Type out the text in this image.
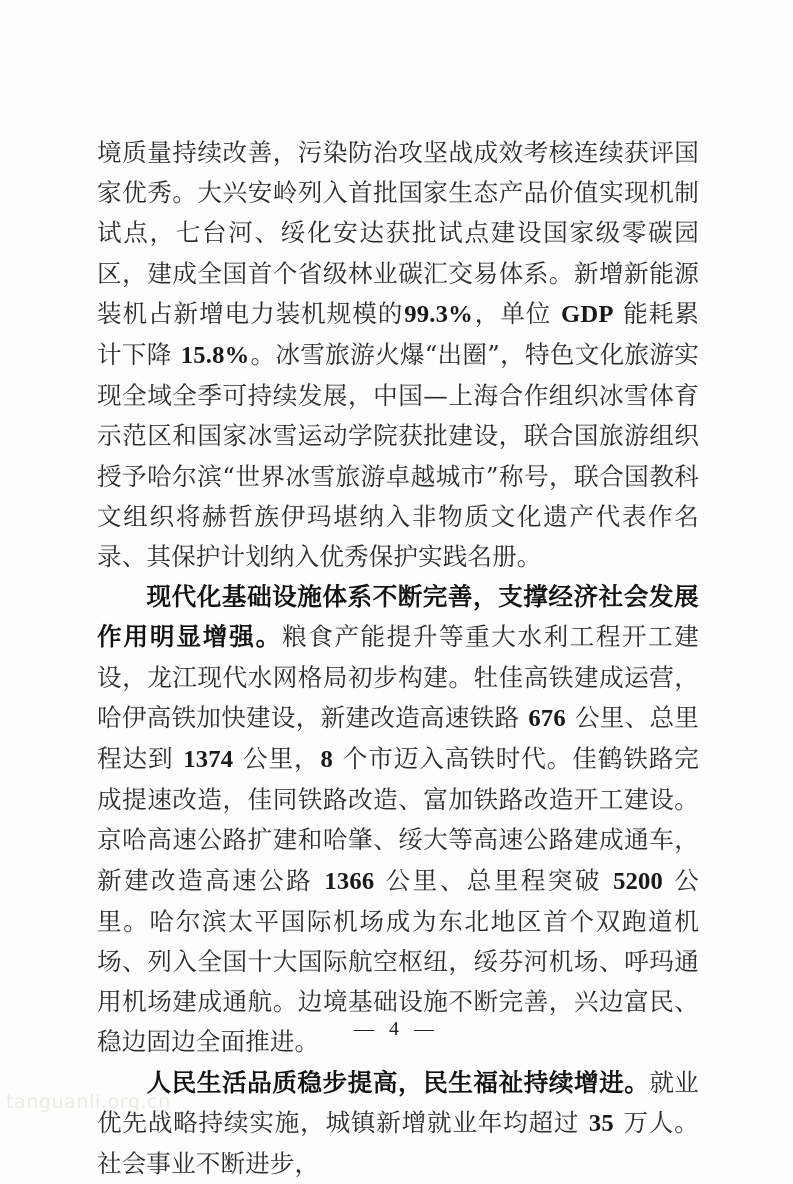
境质量持续改善，污染防治攻坚战成效考核连续获评国家优秀。大兴安岭列入首批国家生态产品价值实现机制试点，七台河、绥化安达获批试点建设国家级零碳园区，建成全国首个省级林业碳汇交易体系。新增新能源装机占新增电力装机规模的99.3%，单位 GDP 能耗累计下降 15.8%。冰雪旅游火爆“出圈”，特色文化旅游实现全域全季可持续发展，中国—上海合作组织冰雪体育示范区和国家冰雪运动学院获批建设，联合国旅游组织授予哈尔滨“世界冰雪旅游卓越城市”称号，联合国教科文组织将赫哲族伊玛堪纳入非物质文化遗产代表作名录、其保护计划纳入优秀保护实践名册。

现代化基础设施体系不断完善，支撑经济社会发展作用明显增强。粮食产能提升等重大水利工程开工建设，龙江现代水网格局初步构建。牡佳高铁建成运营，哈伊高铁加快建设，新建改造高速铁路 676 公里、总里程达到 1374 公里，8 个市迈入高铁时代。佳鹤铁路完成提速改造，佳同铁路改造、富加铁路改造开工建设。京哈高速公路扩建和哈肇、绥大等高速公路建成通车，新建改造高速公路 1366 公里、总里程突破 5200 公里。哈尔滨太平国际机场成为东北地区首个双跑道机场、列入全国十大国际航空枢纽，绥芬河机场、呼玛通用机场建成通航。边境基础设施不断完善，兴边富民、稳边固边全面推进。

人民生活品质稳步提高，民生福祉持续增进。就业优先战略持续实施，城镇新增就业年均超过 35 万人。社会事业不断进步，

— 4 —
tanguanli.org.cn
